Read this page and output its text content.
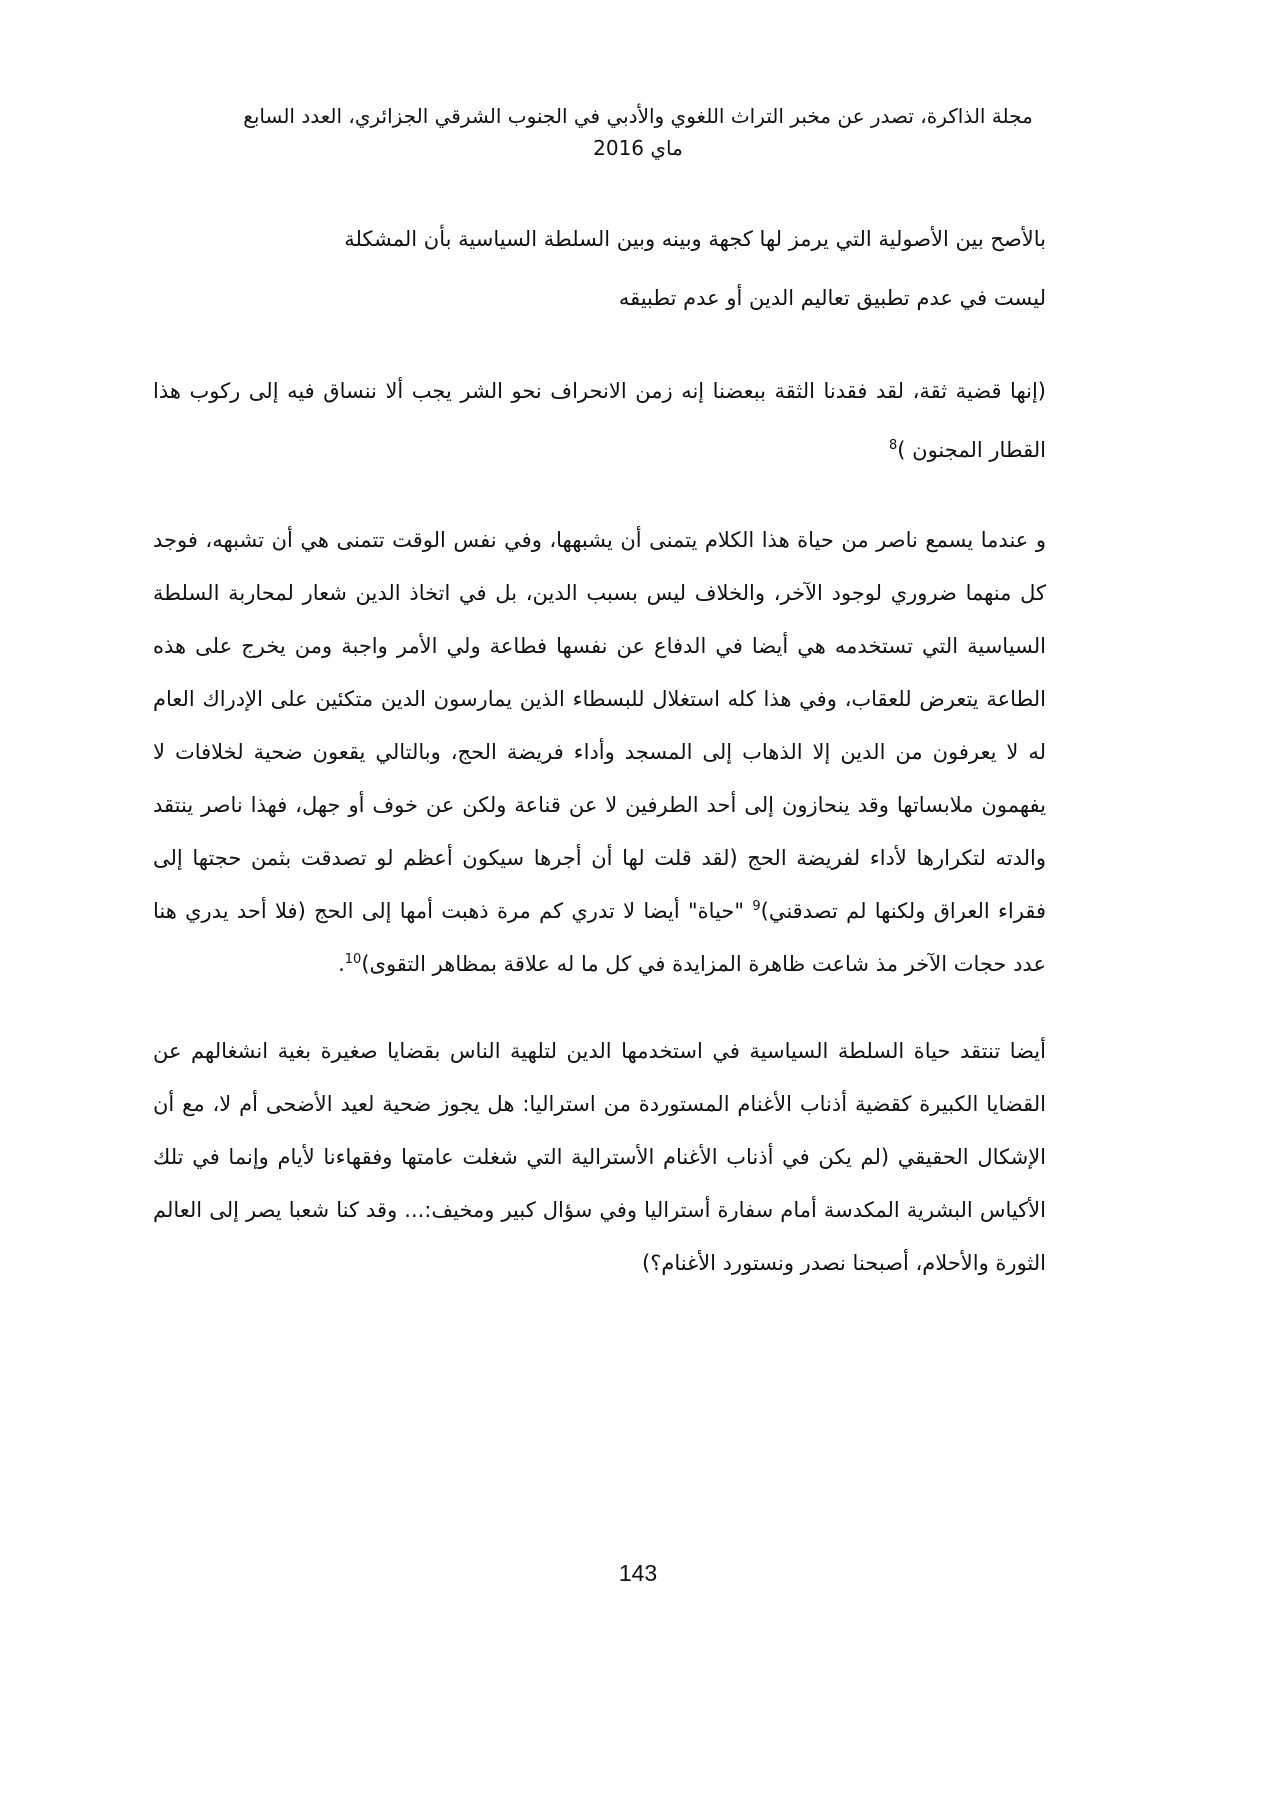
مجلة الذاكرة، تصدر عن مخبر التراث اللغوي والأدبي في الجنوب الشرقي الجزائري، العدد السابع
ماي 2016

بالأصح بين الأصولية التي يرمز لها كجهة وبينه وبين السلطة السياسية بأن المشكلة
ليست في عدم تطبيق تعاليم الدين أو عدم تطبيقه

(إنها قضية ثقة، لقد فقدنا الثقة ببعضنا إنه زمن الانحراف نحو الشر يجب ألا ننساق فيه إلى ركوب هذا القطار المجنون )$^8$

و عندما يسمع ناصر من حياة هذا الكلام يتمنى أن يشبهها، وفي نفس الوقت تتمنى هي أن تشبهه، فوجد كل منهما ضروري لوجود الآخر، والخلاف ليس بسبب الدين، بل في اتخاذ الدين شعار لمحاربة السلطة السياسية التي تستخدمه هي أيضا في الدفاع عن نفسها فطاعة ولي الأمر واجبة ومن يخرج على هذه الطاعة يتعرض للعقاب، وفي هذا كله استغلال للبسطاء الذين يمارسون الدين متكئين على الإدراك العام له لا يعرفون من الدين إلا الذهاب إلى المسجد وأداء فريضة الحج، وبالتالي يقعون ضحية لخلافات لا يفهمون ملابساتها وقد ينحازون إلى أحد الطرفين لا عن قناعة ولكن عن خوف أو جهل، فهذا ناصر ينتقد والدته لتكرارها لأداء لفريضة الحج (لقد قلت لها أن أجرها سيكون أعظم لو تصدقت بثمن حجتها إلى فقراء العراق ولكنها لم تصدقني)$^9$ "حياة" أيضا لا تدري كم مرة ذهبت أمها إلى الحج (فلا أحد يدري هنا عدد حجات الآخر مذ شاعت ظاهرة المزايدة في كل ما له علاقة بمظاهر التقوى)$^{10}$.

أيضا تنتقد حياة السلطة السياسية في استخدمها الدين لتلهية الناس بقضايا صغيرة بغية انشغالهم عن القضايا الكبيرة كقضية أذناب الأغنام المستوردة من استراليا: هل يجوز ضحية لعيد الأضحى أم لا، مع أن الإشكال الحقيقي (لم يكن في أذناب الأغنام الأسترالية التي شغلت عامتها وفقهاءنا لأيام وإنما في تلك الأكياس البشرية المكدسة أمام سفارة أستراليا وفي سؤال كبير ومخيف:... وقد كنا شعبا يصر إلى العالم الثورة والأحلام، أصبحنا نصدر ونستورد الأغنام؟)

143
